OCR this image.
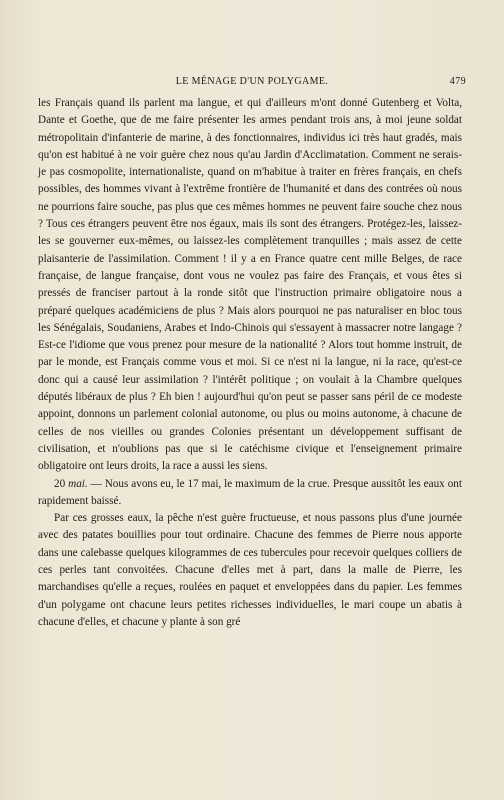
LE MÉNAGE D'UN POLYGAME.	479

les Français quand ils parlent ma langue, et qui d'ailleurs m'ont donné Gutenberg et Volta, Dante et Goethe, que de me faire présenter les armes pendant trois ans, à moi jeune soldat métropolitain d'infanterie de marine, à des fonctionnaires, individus ici très haut gradés, mais qu'on est habitué à ne voir guère chez nous qu'au Jardin d'Acclimatation. Comment ne serais-je pas cosmopolite, internationaliste, quand on m'habitue à traiter en frères français, en chefs possibles, des hommes vivant à l'extrême frontière de l'humanité et dans des contrées où nous ne pourrions faire souche, pas plus que ces mêmes hommes ne peuvent faire souche chez nous ? Tous ces étrangers peuvent être nos égaux, mais ils sont des étrangers. Protégez-les, laissez-les se gouverner eux-mêmes, ou laissez-les complètement tranquilles ; mais assez de cette plaisanterie de l'assimilation. Comment ! il y a en France quatre cent mille Belges, de race française, de langue française, dont vous ne voulez pas faire des Français, et vous êtes si pressés de franciser partout à la ronde sitôt que l'instruction primaire obligatoire nous a préparé quelques académiciens de plus ? Mais alors pourquoi ne pas naturaliser en bloc tous les Sénégalais, Soudaniens, Arabes et Indo-Chinois qui s'essayent à massacrer notre langage ? Est-ce l'idiome que vous prenez pour mesure de la nationalité ? Alors tout homme instruit, de par le monde, est Français comme vous et moi. Si ce n'est ni la langue, ni la race, qu'est-ce donc qui a causé leur assimilation ? l'intérêt politique ; on voulait à la Chambre quelques députés libéraux de plus ? Eh bien ! aujourd'hui qu'on peut se passer sans péril de ce modeste appoint, donnons un parlement colonial autonome, ou plus ou moins autonome, à chacune de celles de nos vieilles ou grandes Colonies présentant un développement suffisant de civilisation, et n'oublions pas que si le catéchisme civique et l'enseignement primaire obligatoire ont leurs droits, la race a aussi les siens.

20 mai. — Nous avons eu, le 17 mai, le maximum de la crue. Presque aussitôt les eaux ont rapidement baissé.

Par ces grosses eaux, la pêche n'est guère fructueuse, et nous passons plus d'une journée avec des patates bouillies pour tout ordinaire. Chacune des femmes de Pierre nous apporte dans une calebasse quelques kilogrammes de ces tubercules pour recevoir quelques colliers de ces perles tant convoitées. Chacune d'elles met à part, dans la malle de Pierre, les marchandises qu'elle a reçues, roulées en paquet et enveloppées dans du papier. Les femmes d'un polygame ont chacune leurs petites richesses individuelles, le mari coupe un abatis à chacune d'elles, et chacune y plante à son gré
